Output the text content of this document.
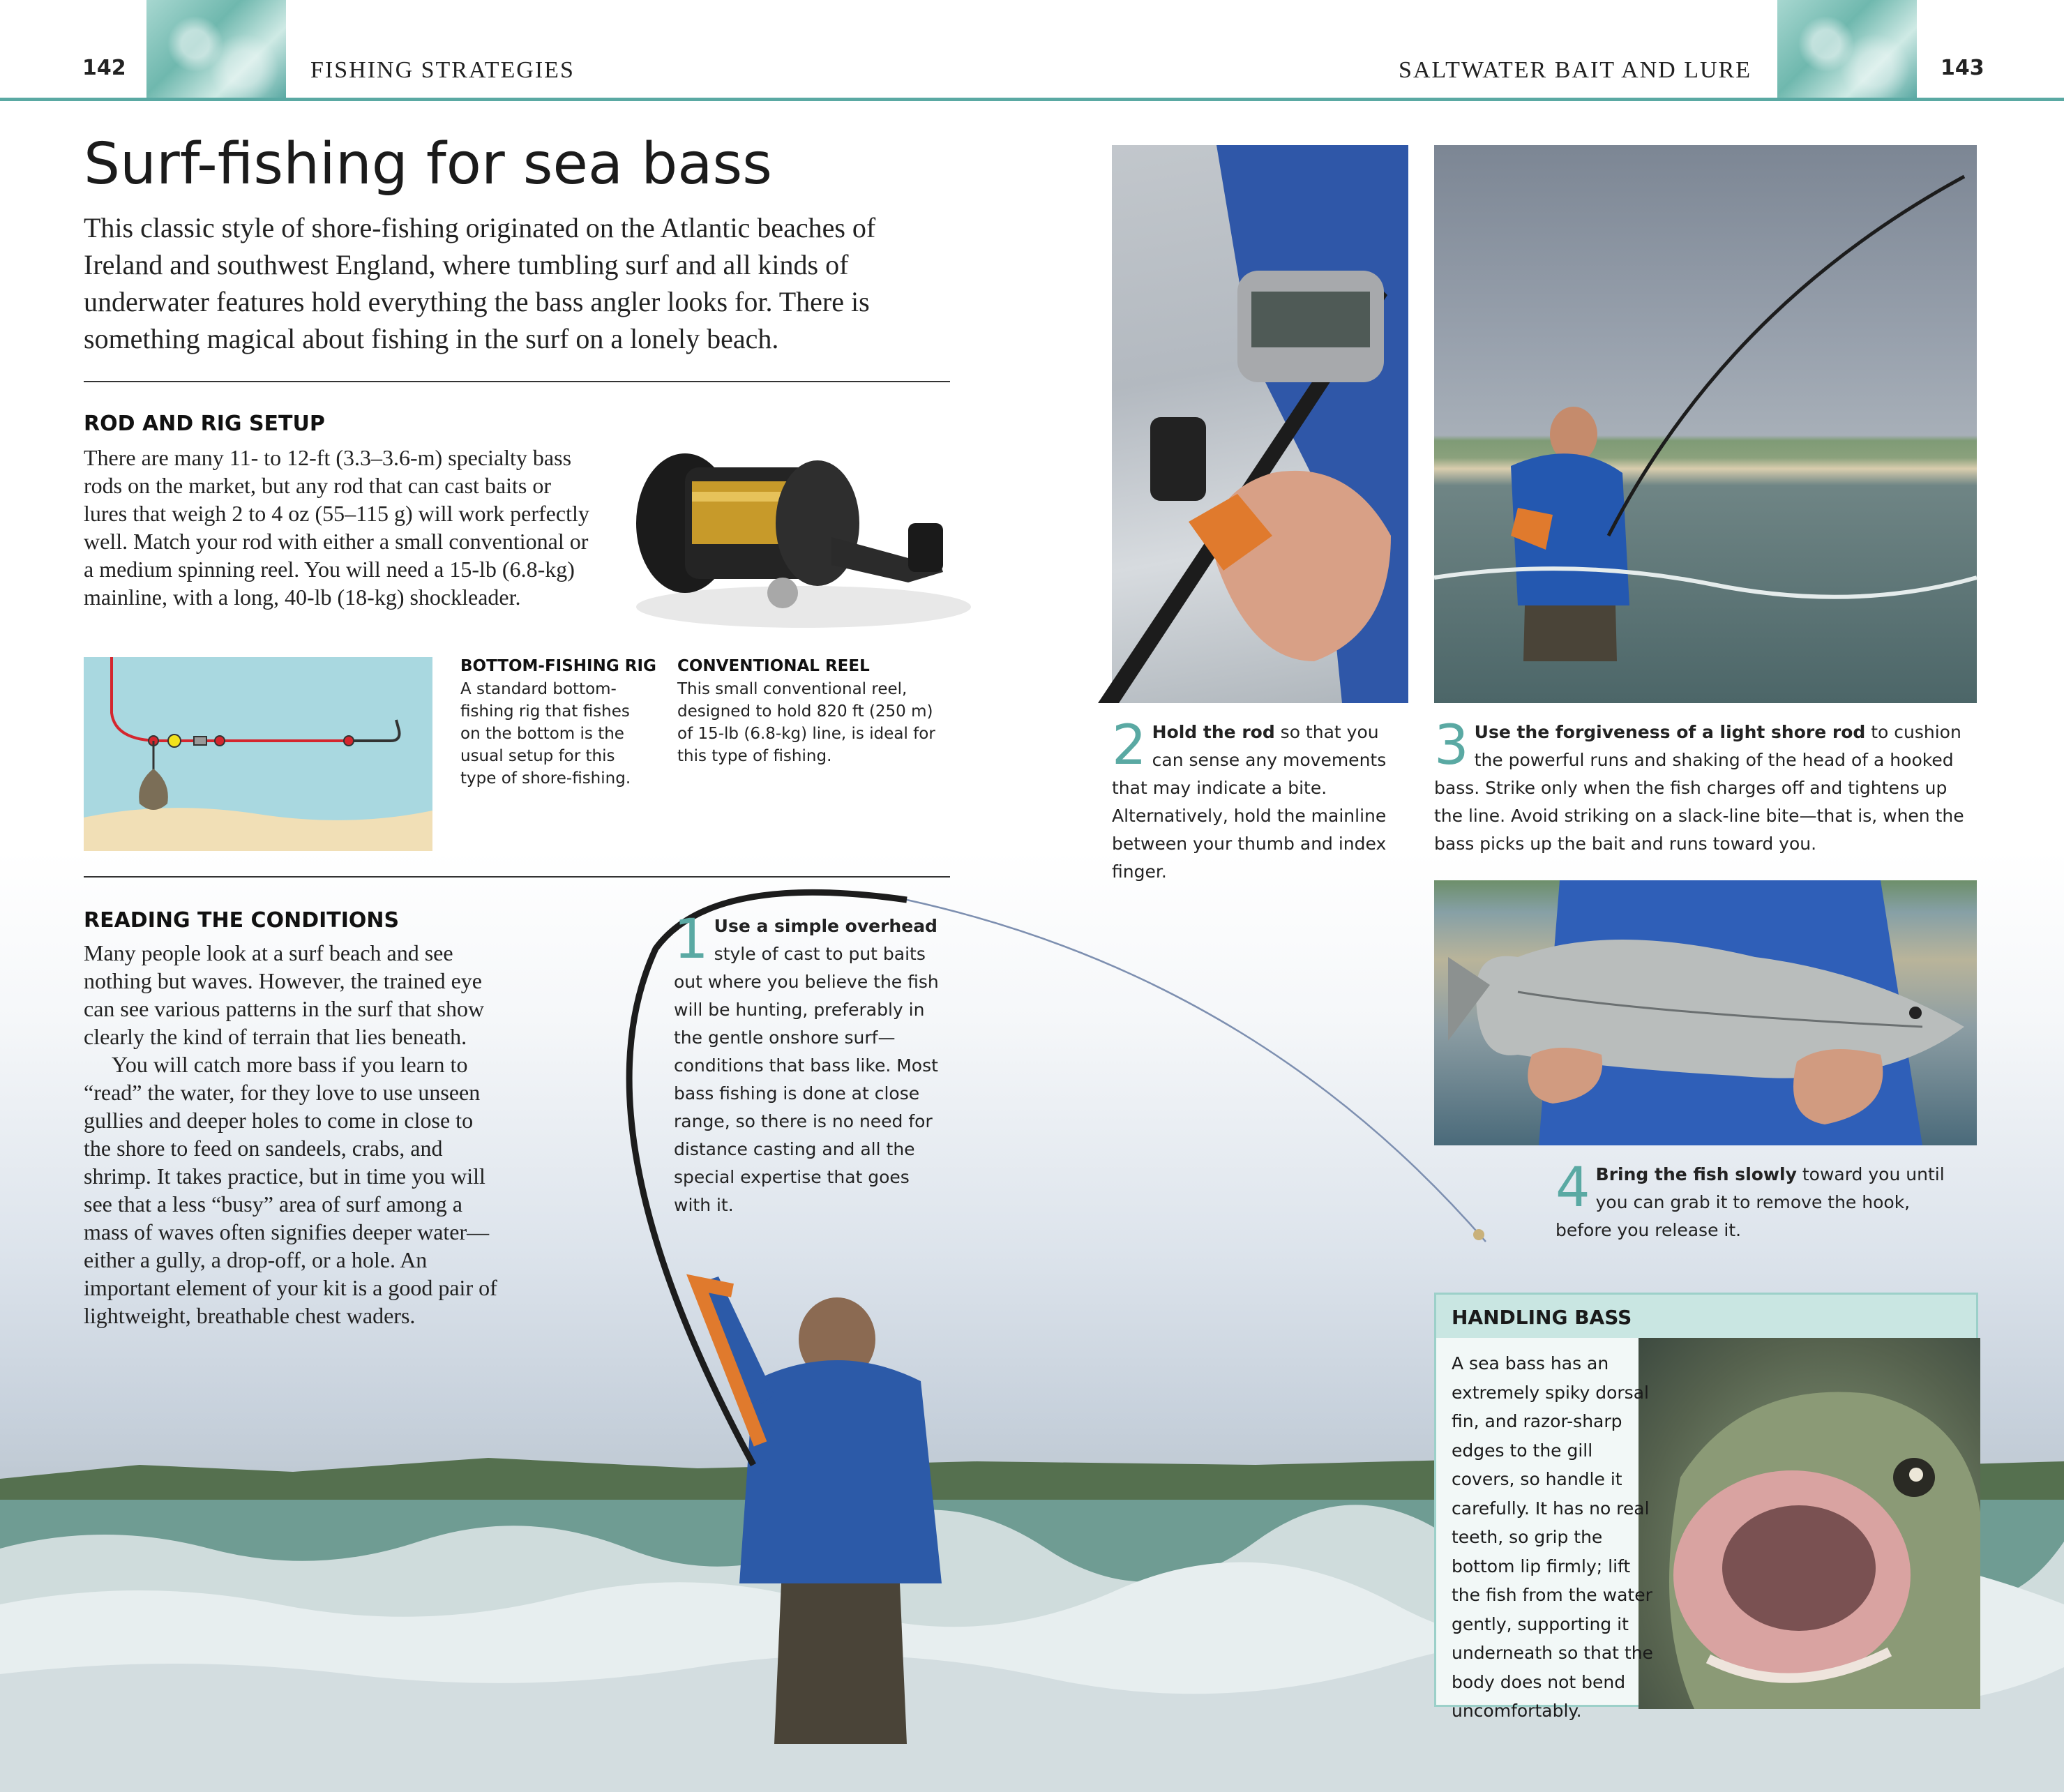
142	FISHING STRATEGIES	SALTWATER BAIT AND LURE	143
Surf-fishing for sea bass

This classic style of shore-fishing originated on the Atlantic beaches of Ireland and southwest England, where tumbling surf and all kinds of underwater features hold everything the bass angler looks for. There is something magical about fishing in the surf on a lonely beach.

ROD AND RIG SETUP

There are many 11- to 12-ft (3.3–3.6-m) specialty bass rods on the market, but any rod that can cast baits or lures that weigh 2 to 4 oz (55–115 g) will work perfectly well. Match your rod with either a small conventional or a medium spinning reel. You will need a 15-lb (6.8-kg) mainline, with a long, 40-lb (18-kg) shockleader.

BOTTOM-FISHING RIG

A standard bottom-fishing rig that fishes on the bottom is the usual setup for this type of shore-fishing.

CONVENTIONAL REEL

This small conventional reel, designed to hold 820 ft (250 m) of 15-lb (6.8-kg) line, is ideal for this type of fishing.

READING THE CONDITIONS

Many people look at a surf beach and see nothing but waves. However, the trained eye can see various patterns in the surf that show clearly the kind of terrain that lies beneath.

You will catch more bass if you learn to “read” the water, for they love to use unseen gullies and deeper holes to come in close to the shore to feed on sandeels, crabs, and shrimp. It takes practice, but in time you will see that a less “busy” area of surf among a mass of waves often signifies deeper water—either a gully, a drop-off, or a hole. An important element of your kit is a good pair of lightweight, breathable chest waders.

1 Use a simple overhead style of cast to put baits out where you believe the fish will be hunting, preferably in the gentle onshore surf—conditions that bass like. Most bass fishing is done at close range, so there is no need for distance casting and all the special expertise that goes with it.

2 Hold the rod so that you can sense any movements that may indicate a bite. Alternatively, hold the mainline between your thumb and index finger.

3 Use the forgiveness of a light shore rod to cushion the powerful runs and shaking of the head of a hooked bass. Strike only when the fish charges off and tightens up the line. Avoid striking on a slack-line bite—that is, when the bass picks up the bait and runs toward you.

4 Bring the fish slowly toward you until you can grab it to remove the hook, before you release it.

HANDLING BASS

A sea bass has an extremely spiky dorsal fin, and razor-sharp edges to the gill covers, so handle it carefully. It has no real teeth, so grip the bottom lip firmly; lift the fish from the water gently, supporting it underneath so that the body does not bend uncomfortably.
